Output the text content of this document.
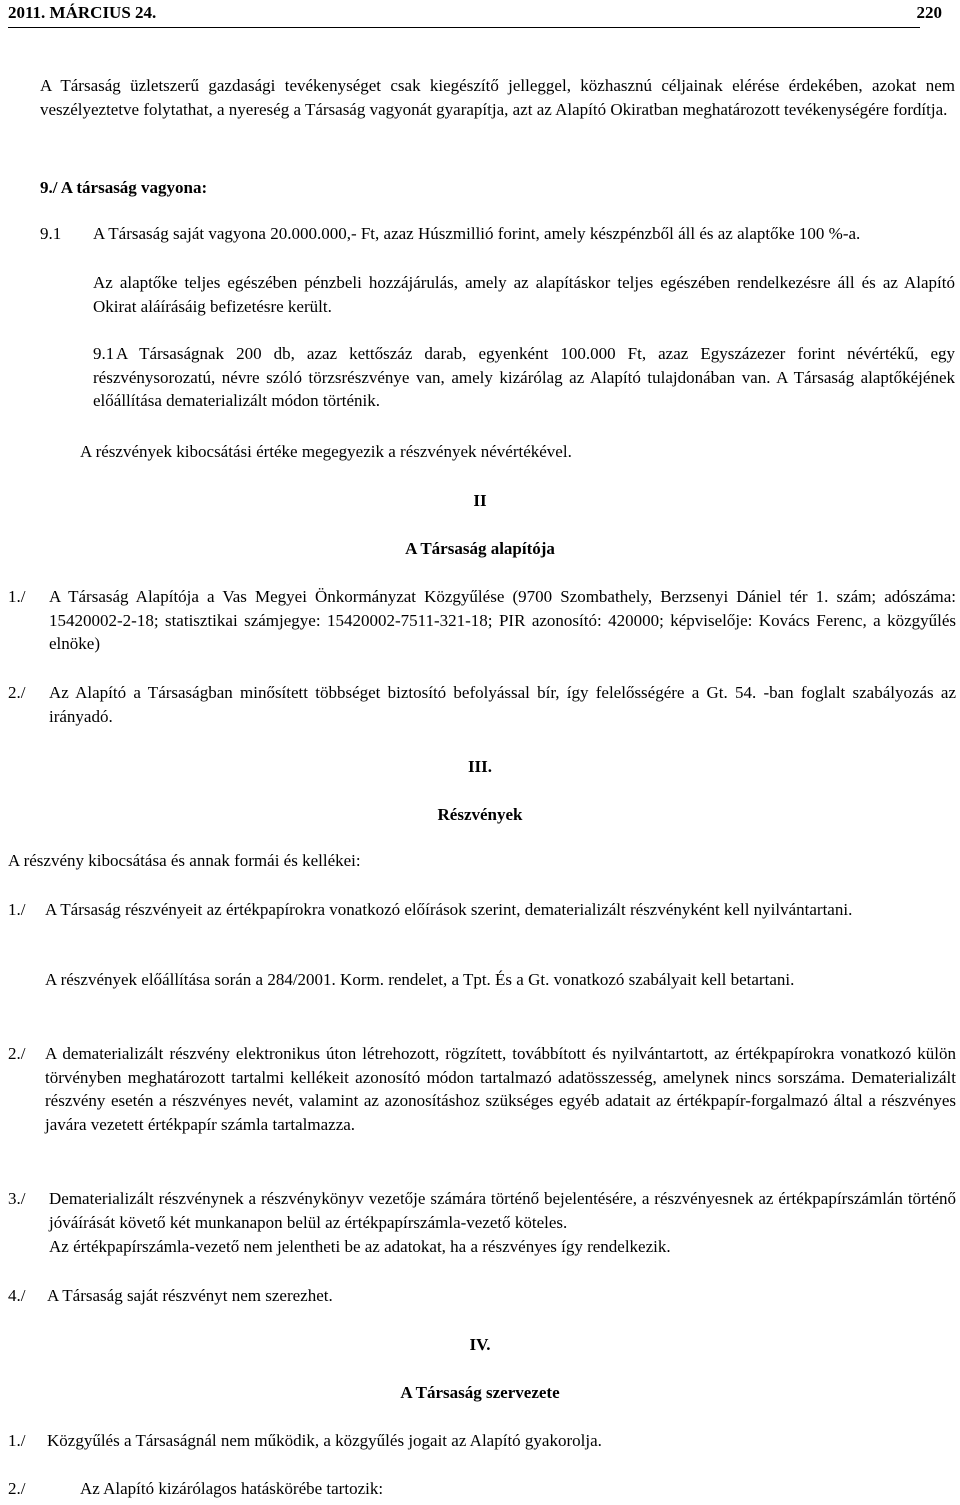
2011. MÁRCIUS 24.	220
A Társaság üzletszerű gazdasági tevékenységet csak kiegészítő jelleggel, közhasznú céljainak elérése érdekében, azokat nem veszélyeztetve folytathat, a nyereség a Társaság vagyonát gyarapítja, azt az Alapító Okiratban meghatározott tevékenységére fordítja.
9./ A társaság vagyona:
9.1 A Társaság saját vagyona 20.000.000,- Ft, azaz Húszmillió forint, amely készpénzből áll és az alaptőke 100 %-a.
Az alaptőke teljes egészében pénzbeli hozzájárulás, amely az alapításkor teljes egészében rendelkezésre áll és az Alapító Okirat aláírásáig befizetésre került.
9.1 A Társaságnak 200 db, azaz kettőszáz darab, egyenként 100.000 Ft, azaz Egyszázezer forint névértékű, egy részvénysorozatú, névre szóló törzsrészvénye van, amely kizárólag az Alapító tulajdonában van. A Társaság alaptőkéjének előállítása dematerializált módon történik.
A részvények kibocsátási értéke megegyezik a részvények névértékével.
II
A Társaság alapítója
1./ A Társaság Alapítója a Vas Megyei Önkormányzat Közgyűlése (9700 Szombathely, Berzsenyi Dániel tér 1. szám; adószáma: 15420002-2-18; statisztikai számjegye: 15420002-7511-321-18; PIR azonosító: 420000; képviselője: Kovács Ferenc, a közgyűlés elnöke)
2./ Az Alapító a Társaságban minősített többséget biztosító befolyással bír, így felelősségére a Gt. 54. -ban foglalt szabályozás az irányadó.
III.
Részvények
A részvény kibocsátása és annak formái és kellékei:
1./ A Társaság részvényeit az értékpapírokra vonatkozó előírások szerint, dematerializált részvényként kell nyilvántartani.
A részvények előállítása során a 284/2001. Korm. rendelet, a Tpt. És a Gt. vonatkozó szabályait kell betartani.
2./ A dematerializált részvény elektronikus úton létrehozott, rögzített, továbbított és nyilvántartott, az értékpapírokra vonatkozó külön törvényben meghatározott tartalmi kellékeit azonosító módon tartalmazó adatösszesség, amelynek nincs sorszáma. Dematerializált részvény esetén a részvényes nevét, valamint az azonosításhoz szükséges egyéb adatait az értékpapír-forgalmazó által a részvényes javára vezetett értékpapír számla tartalmazza.
3./ Dematerializált részvénynek a részvénykönyv vezetője számára történő bejelentésére, a részvényesnek az értékpapírszámlán történő jóváírását követő két munkanapon belül az értékpapírszámla-vezető köteles.
Az értékpapírszámla-vezető nem jelentheti be az adatokat, ha a részvényes így rendelkezik.
4./ A Társaság saját részvényt nem szerezhet.
IV.
A Társaság szervezete
1./ Közgyűlés a Társaságnál nem működik, a közgyűlés jogait az Alapító gyakorolja.
2./	Az Alapító kizárólagos hatáskörébe tartozik:
